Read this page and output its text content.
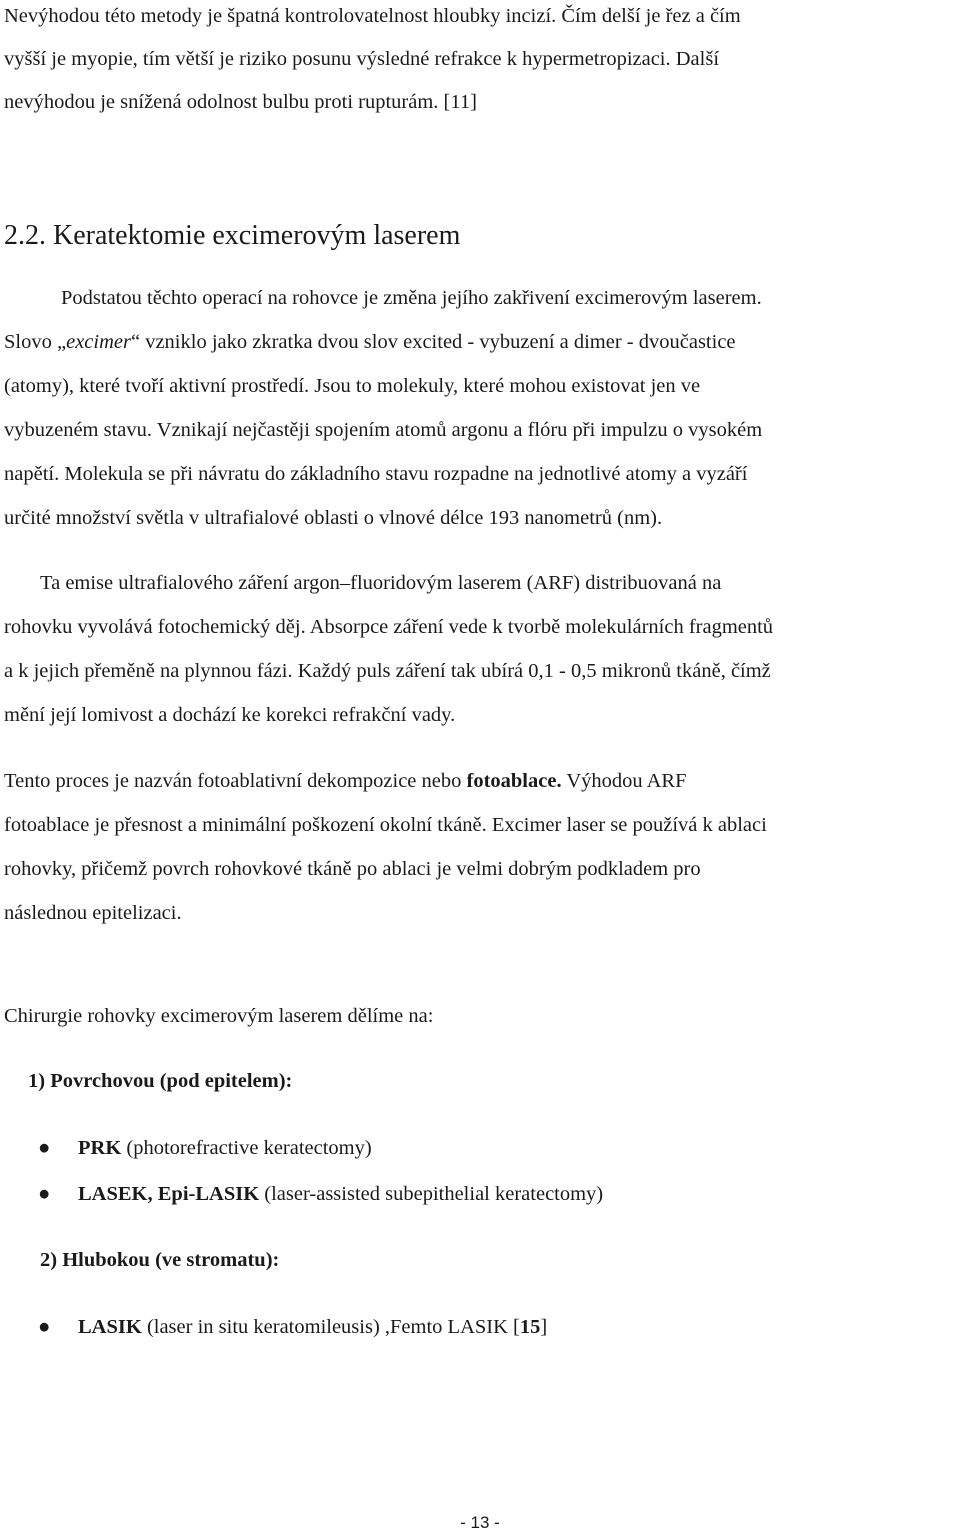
Nevýhodou této metody je špatná kontrolovatelnost hloubky incizí. Čím delší je řez a čím
vyšší je myopie, tím větší je riziko posunu výsledné refrakce k hypermetropizaci. Další
nevýhodou je snížená odolnost bulbu proti rupturám. [11]
2.2. Keratektomie excimerovým laserem
Podstatou těchto operací na rohovce je změna jejího zakřivení excimerovým laserem.
Slovo „excimer“ vzniklo jako zkratka dvou slov excited - vybuzení a dimer - dvoučastice
(atomy), které tvoří aktivní prostředí. Jsou to molekuly, které mohou existovat jen ve
vybuzeném stavu. Vznikají nejčastěji spojením atomů argonu a flóru při impulzu o vysokém
napětí. Molekula se při návratu do základního stavu rozpadne na jednotlivé atomy a vyzáří
určité množství světla v ultrafialové oblasti o vlnové délce 193 nanometrů (nm).
Ta emise ultrafialového záření argon–fluoridovým laserem (ARF) distribuovaná na
rohovku vyvolává fotochemický děj. Absorpce záření vede k tvorbě molekulárních fragmentů
a k jejich přeměně na plynnou fázi. Každý puls záření tak ubírá 0,1 - 0,5 mikronů tkáně, čímž
mění její lomivost a dochází ke korekci refrakční vady.
Tento proces je nazván fotoablativní dekompozice nebo fotoablace. Výhodou ARF
fotoablace je přesnost a minimální poškození okolní tkáně. Excimer laser se používá k ablaci
rohovky, přičemž povrch rohovkové tkáně po ablaci je velmi dobrým podkladem pro
následnou epitelizaci.
Chirurgie rohovky excimerovým laserem dělíme na:
1) Povrchovou (pod epitelem):
● PRK (photorefractive keratectomy)
● LASEK, Epi-LASIK (laser-assisted subepithelial keratectomy)
2) Hlubokou (ve stromatu):
● LASIK (laser in situ keratomileusis) ,Femto LASIK [15]
- 13 -
